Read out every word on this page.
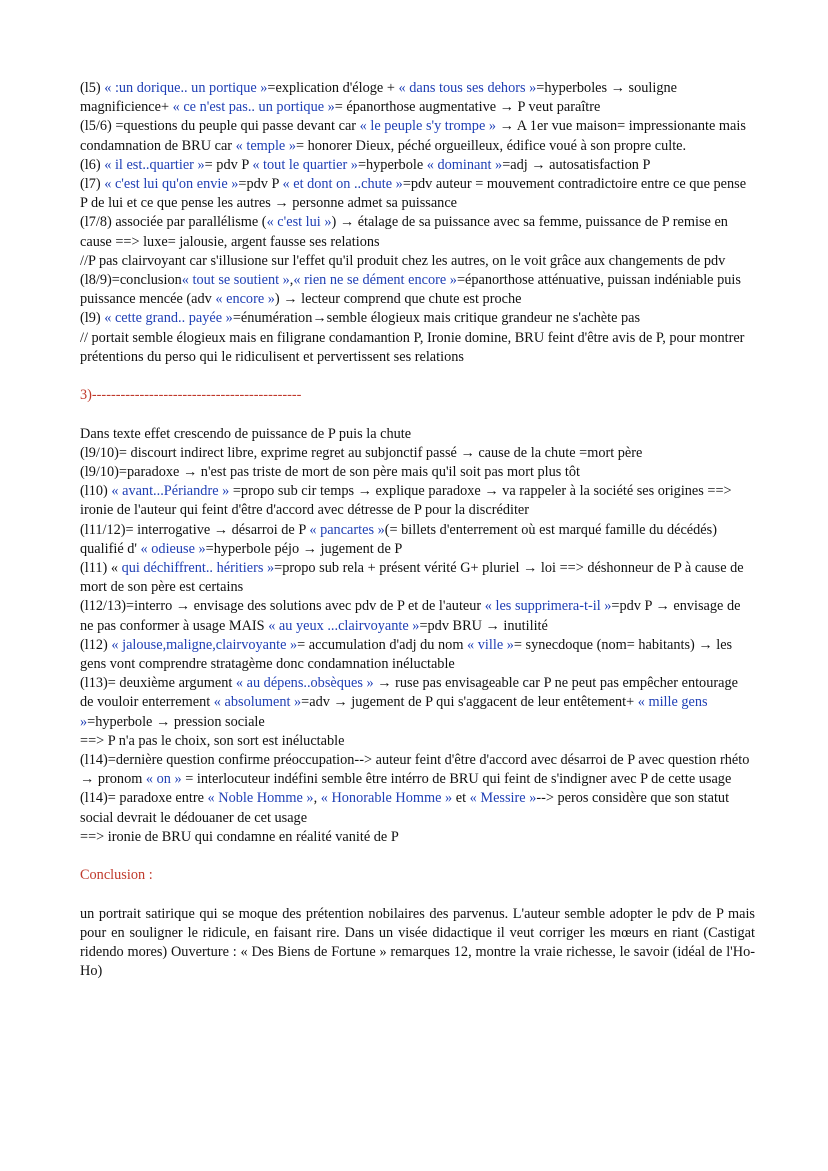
(l5) « :un dorique.. un portique »=explication d'éloge + « dans tous ses dehors »=hyperboles → souligne magnificience+ « ce n'est pas.. un portique »= épanorthose augmentative → P veut paraître

(l5/6) =questions du peuple qui passe devant car « le peuple s'y trompe » → A 1er vue maison= impressionante mais condamnation de BRU car « temple »= honorer Dieux, péché orgueilleux, édifice voué à son propre culte.

(l6) « il est..quartier »= pdv P « tout le quartier »=hyperbole « dominant »=adj → autosatisfaction P

(l7) « c'est lui qu'on envie »=pdv P « et dont on ..chute »=pdv auteur = mouvement contradictoire entre ce que pense P de lui et ce que pense les autres → personne admet sa puissance

(l7/8) associée par parallélisme (« c'est lui ») → étalage de sa puissance avec sa femme, puissance de P remise en cause ==> luxe= jalousie, argent fausse ses relations

//P pas clairvoyant car s'illusione sur l'effet qu'il produit chez les autres, on le voit grâce aux changements de pdv

(l8/9)=conclusion« tout se soutient »,« rien ne se dément encore »=épanorthose atténuative, puissan indéniable puis puissance mencée (adv « encore ») → lecteur comprend que chute est proche

(l9) « cette grand.. payée »=énumération→semble élogieux mais critique grandeur ne s'achète pas

// portait semble élogieux mais en filigrane condamantion P, Ironie domine, BRU feint d'être avis de P, pour montrer prétentions du perso qui le ridiculisent et pervertissent ses relations

3)--------------------------------------------

Dans texte effet crescendo de puissance de P puis la chute

(l9/10)= discourt indirect libre, exprime regret au subjonctif passé → cause de la chute =mort père

(l9/10)=paradoxe → n'est pas triste de mort de son père mais qu'il soit pas mort plus tôt

(l10) « avant...Périandre » =propo sub cir temps → explique paradoxe → va rappeler à la société ses origines ==> ironie de l'auteur qui feint d'être d'accord avec détresse de P pour la discréditer

(l11/12)= interrogative → désarroi de P « pancartes »(= billets d'enterrement où est marqué famille du décédés) qualifié d' « odieuse »=hyperbole péjo → jugement de P

(l11) « qui déchiffrent.. héritiers »=propo sub rela + présent vérité G+ pluriel → loi ==> déshonneur de P à cause de mort de son père est certains

(l12/13)=interro → envisage des solutions avec pdv de P et de l'auteur « les supprimera-t-il »=pdv P → envisage de ne pas conformer à usage MAIS « au yeux ...clairvoyante »=pdv BRU → inutilité

(l12) « jalouse,maligne,clairvoyante »= accumulation d'adj du nom « ville »= synecdoque (nom= habitants) → les gens vont comprendre stratagème donc condamnation inéluctable

(l13)= deuxième argument « au dépens..obsèques » → ruse pas envisageable car P ne peut pas empêcher entourage de vouloir enterrement « absolument »=adv → jugement de P qui s'aggacent de leur entêtement+ « mille gens »=hyperbole → pression sociale

==> P n'a pas le choix, son sort est inéluctable

(l14)=dernière question confirme préoccupation--> auteur feint d'être d'accord avec désarroi de P avec question rhéto → pronom « on » = interlocuteur indéfini semble être intérro de BRU qui feint de s'indigner avec P de cette usage

(l14)= paradoxe entre « Noble Homme », « Honorable Homme » et « Messire »--> peros considère que son statut social devrait le dédouaner de cet usage

==> ironie de BRU qui condamne en réalité vanité de P

Conclusion :

un portrait satirique qui se moque des prétention nobilaires des parvenus. L'auteur semble adopter le pdv de P mais pour en souligner le ridicule, en faisant rire. Dans un visée didactique il veut corriger les mœurs en riant (Castigat ridendo mores) Ouverture : « Des Biens de Fortune » remarques 12, montre la vraie richesse, le savoir (idéal de l'Ho-Ho)
